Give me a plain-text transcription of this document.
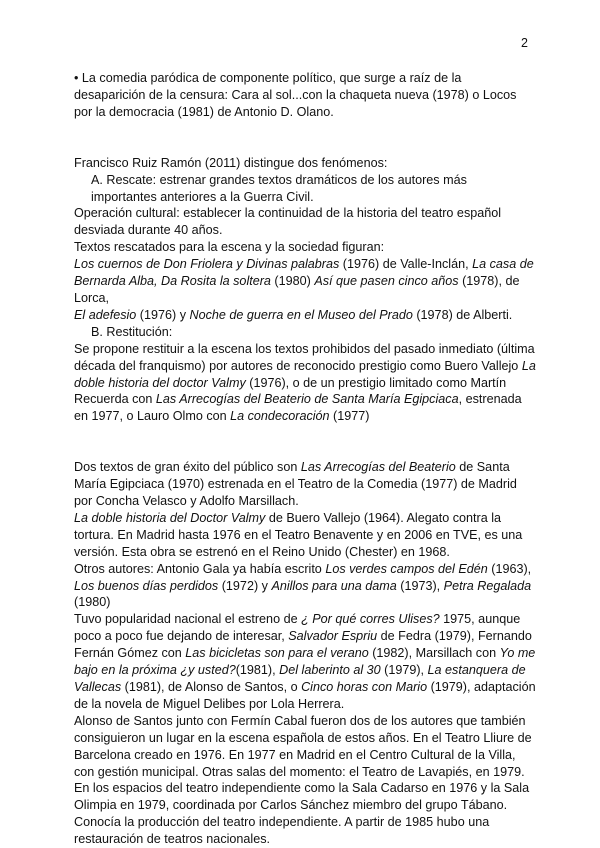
2

• La comedia paródica de componente político, que surge a raíz de la desaparición de la censura: Cara al sol...con la chaqueta nueva (1978) o Locos por la democracia (1981) de Antonio D. Olano.

Francisco Ruiz Ramón (2011) distingue dos fenómenos:

A. Rescate: estrenar grandes textos dramáticos de los autores más importantes anteriores a la Guerra Civil.

Operación cultural: establecer la continuidad de la historia del teatro español desviada durante 40 años.

Textos rescatados para la escena y la sociedad figuran:

Los cuernos de Don Friolera y Divinas palabras (1976) de Valle-Inclán, La casa de Bernarda Alba, Da Rosita la soltera (1980) Así que pasen cinco años (1978), de Lorca,

El adefesio (1976) y Noche de guerra en el Museo del Prado (1978) de Alberti.

B. Restitución:

Se propone restituir a la escena los textos prohibidos del pasado inmediato (última década del franquismo) por autores de reconocido prestigio como Buero Vallejo La doble historia del doctor Valmy (1976), o de un prestigio limitado como Martín Recuerda con Las Arrecogías del Beaterio de Santa María Egipciaca, estrenada en 1977, o Lauro Olmo con La condecoración (1977)

Dos textos de gran éxito del público son Las Arrecogías del Beaterio de Santa María Egipciaca (1970) estrenada en el Teatro de la Comedia (1977) de Madrid por Concha Velasco y Adolfo Marsillach.

La doble historia del Doctor Valmy de Buero Vallejo (1964). Alegato contra la tortura. En Madrid hasta 1976 en el Teatro Benavente y en 2006 en TVE, es una versión. Esta obra se estrenó en el Reino Unido (Chester) en 1968.

Otros autores: Antonio Gala ya había escrito Los verdes campos del Edén (1963), Los buenos días perdidos (1972) y Anillos para una dama (1973), Petra Regalada (1980)

Tuvo popularidad nacional el estreno de ¿ Por qué corres Ulises? 1975, aunque poco a poco fue dejando de interesar, Salvador Espriu de Fedra (1979), Fernando Fernán Gómez con Las bicicletas son para el verano (1982), Marsillach con Yo me bajo en la próxima ¿y usted?(1981), Del laberinto al 30 (1979), La estanquera de Vallecas (1981), de Alonso de Santos, o Cinco horas con Mario (1979), adaptación de la novela de Miguel Delibes por Lola Herrera.

Alonso de Santos junto con Fermín Cabal fueron dos de los autores que también consiguieron un lugar en la escena española de estos años. En el Teatro Lliure de Barcelona creado en 1976. En 1977 en Madrid en el Centro Cultural de la Villa, con gestión municipal. Otras salas del momento: el Teatro de Lavapiés, en 1979.

En los espacios del teatro independiente como la Sala Cadarso en 1976 y la Sala Olimpia en 1979, coordinada por Carlos Sánchez miembro del grupo Tábano.

Conocía la producción del teatro independiente. A partir de 1985 hubo una restauración de teatros nacionales.
